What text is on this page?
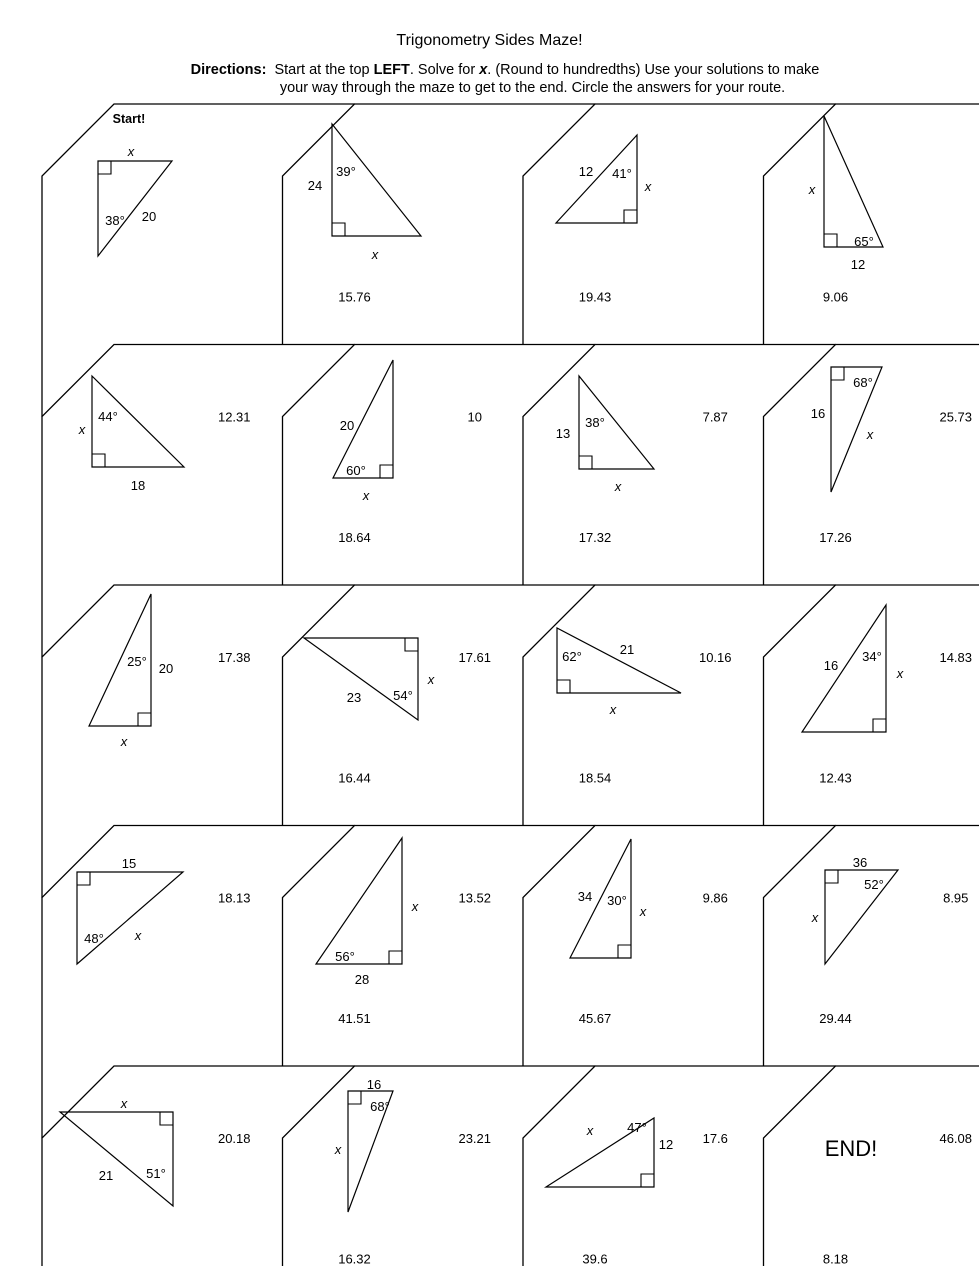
Trigonometry Sides Maze!
Directions: Start at the top LEFT. Solve for x. (Round to hundredths) Use your solutions to make
your way through the maze to get to the end. Circle the answers for your route.
x
38° 20
24
39°
x
12 41°
x	x
65°
12
x
44°
18
20
60°
x
13
38°
x
68°
16
x
25° 20
x
x
23 54°
62°	21
x
16
34°
x
15
48° x
x
56°
28
34 30°
x
36
52°
x
x
21	51°
16
68°
x
x	47°
12
15.76	19.43	9.06
12.31	10	7.87	25.73
18.64	17.32	17.26
17.38	17.61	10.16	14.83
16.44	18.54	12.43
18.13	13.52	9.86	8.95
41.51	45.67	29.44
20.18	23.21	17.6	46.08
16.32	39.6	8.18
Start!
END!
